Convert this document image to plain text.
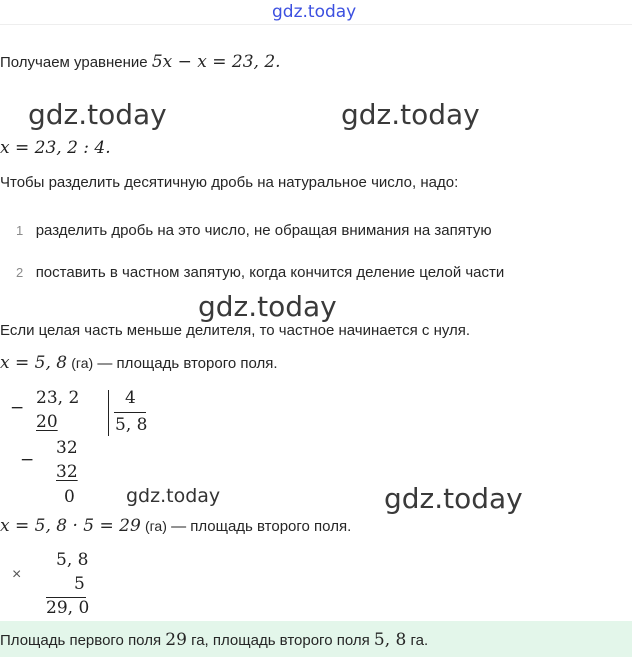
gdz.today
Получаем уравнение 5x − x = 23, 2.
gdz.today	gdz.today
x = 23, 2 : 4.
Чтобы разделить десятичную дробь на натуральное число, надо:
1 разделить дробь на это число, не обращая внимания на запятую
2 поставить в частном запятую, когда кончится деление целой части
gdz.today
Если целая часть меньше делителя, то частное начинается с нуля.
x = 5, 8 (га) — площадь второго поля.
− 23, 2
20
4
5, 8
−
32
32
0	gdz.today	gdz.today
x = 5, 8 · 5 = 29 (га) — площадь второго поля.
×
5, 8
5
29, 0
Площадь первого поля 29 га, площадь второго поля 5, 8 га.
